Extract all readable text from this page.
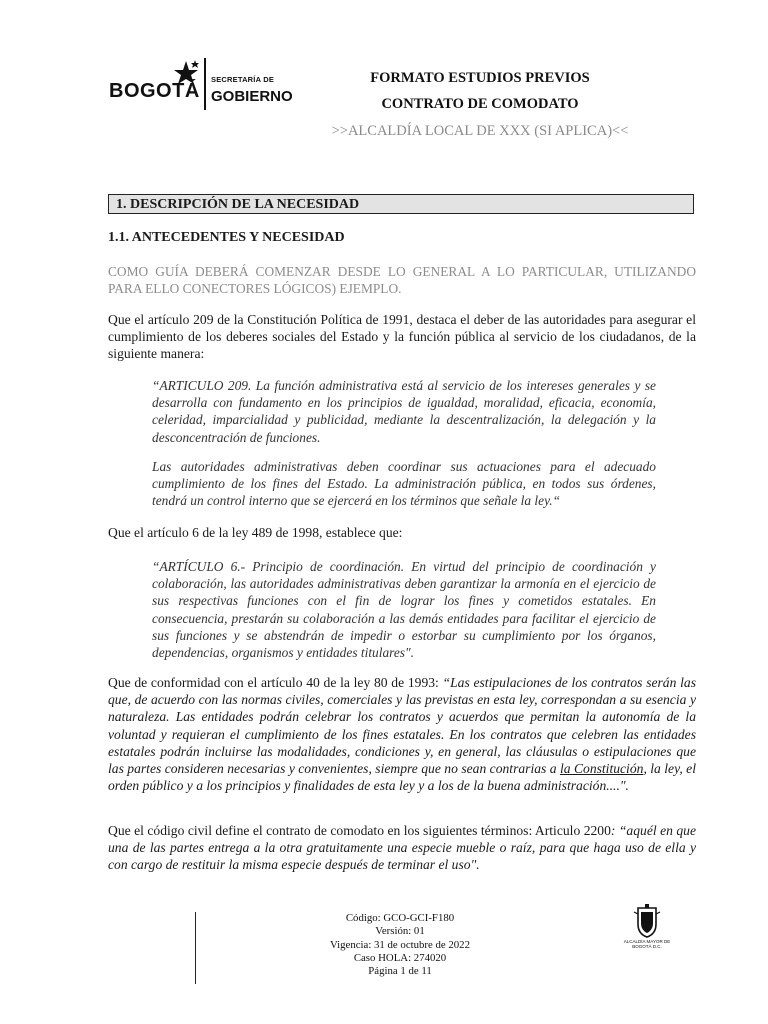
BOGOTÁ
SECRETARÍA DE
GOBIERNO
FORMATO ESTUDIOS PREVIOS
CONTRATO DE COMODATO
>>ALCALDÍA LOCAL DE XXX (SI APLICA)<<
1. DESCRIPCIÓN DE LA NECESIDAD
1.1. ANTECEDENTES Y NECESIDAD
COMO GUÍA DEBERÁ COMENZAR DESDE LO GENERAL A LO PARTICULAR, UTILIZANDO PARA ELLO CONECTORES LÓGICOS) EJEMPLO.
Que el artículo 209 de la Constitución Política de 1991, destaca el deber de las autoridades para asegurar el cumplimiento de los deberes sociales del Estado y la función pública al servicio de los ciudadanos, de la siguiente manera:
“ARTICULO 209. La función administrativa está al servicio de los intereses generales y se desarrolla con fundamento en los principios de igualdad, moralidad, eficacia, economía, celeridad, imparcialidad y publicidad, mediante la descentralización, la delegación y la desconcentración de funciones.
Las autoridades administrativas deben coordinar sus actuaciones para el adecuado cumplimiento de los fines del Estado. La administración pública, en todos sus órdenes, tendrá un control interno que se ejercerá en los términos que señale la ley.“
Que el artículo 6 de la ley 489 de 1998, establece que:
“ARTÍCULO 6.- Principio de coordinación. En virtud del principio de coordinación y colaboración, las autoridades administrativas deben garantizar la armonía en el ejercicio de sus respectivas funciones con el fin de lograr los fines y cometidos estatales. En consecuencia, prestarán su colaboración a las demás entidades para facilitar el ejercicio de sus funciones y se abstendrán de impedir o estorbar su cumplimiento por los órganos, dependencias, organismos y entidades titulares".
Que de conformidad con el artículo 40 de la ley 80 de 1993: “Las estipulaciones de los contratos serán las que, de acuerdo con las normas civiles, comerciales y las previstas en esta ley, correspondan a su esencia y naturaleza. Las entidades podrán celebrar los contratos y acuerdos que permitan la autonomía de la voluntad y requieran el cumplimiento de los fines estatales. En los contratos que celebren las entidades estatales podrán incluirse las modalidades, condiciones y, en general, las cláusulas o estipulaciones que las partes consideren necesarias y convenientes, siempre que no sean contrarias a la Constitución, la ley, el orden público y a los principios y finalidades de esta ley y a los de la buena administración....".
Que el código civil define el contrato de comodato en los siguientes términos: Articulo 2200: “aquél en que una de las partes entrega a la otra gratuitamente una especie mueble o raíz, para que haga uso de ella y con cargo de restituir la misma especie después de terminar el uso".
Código: GCO-GCI-F180
Versión: 01
Vigencia: 31 de octubre de 2022
Caso HOLA: 274020
Página 1 de 11
ALCALDÍA MAYOR DE BOGOTÁ D.C.
